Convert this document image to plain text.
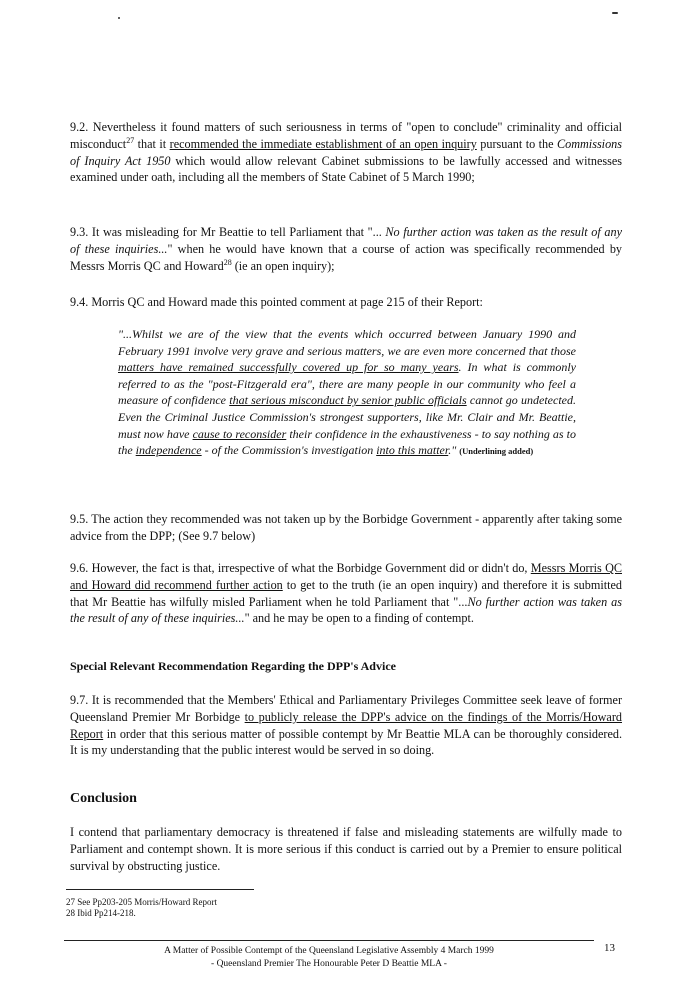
9.2. Nevertheless it found matters of such seriousness in terms of "open to conclude" criminality and official misconduct$^{27}$ that it recommended the immediate establishment of an open inquiry pursuant to the Commissions of Inquiry Act 1950 which would allow relevant Cabinet submissions to be lawfully accessed and witnesses examined under oath, including all the members of State Cabinet of 5 March 1990;

9.3. It was misleading for Mr Beattie to tell Parliament that "... No further action was taken as the result of any of these inquiries..." when he would have known that a course of action was specifically recommended by Messrs Morris QC and Howard$^{28}$ (ie an open inquiry);

9.4. Morris QC and Howard made this pointed comment at page 215 of their Report:

"...Whilst we are of the view that the events which occurred between January 1990 and February 1991 involve very grave and serious matters, we are even more concerned that those matters have remained successfully covered up for so many years. In what is commonly referred to as the "post-Fitzgerald era", there are many people in our community who feel a measure of confidence that serious misconduct by senior public officials cannot go undetected. Even the Criminal Justice Commission's strongest supporters, like Mr. Clair and Mr. Beattie, must now have cause to reconsider their confidence in the exhaustiveness - to say nothing as to the independence - of the Commission's investigation into this matter." (Underlining added)

9.5. The action they recommended was not taken up by the Borbidge Government - apparently after taking some advice from the DPP; (See 9.7 below)

9.6. However, the fact is that, irrespective of what the Borbidge Government did or didn't do, Messrs Morris QC and Howard did recommend further action to get to the truth (ie an open inquiry) and therefore it is submitted that Mr Beattie has wilfully misled Parliament when he told Parliament that "...No further action was taken as the result of any of these inquiries..." and he may be open to a finding of contempt.

Special Relevant Recommendation Regarding the DPP's Advice

9.7. It is recommended that the Members' Ethical and Parliamentary Privileges Committee seek leave of former Queensland Premier Mr Borbidge to publicly release the DPP's advice on the findings of the Morris/Howard Report in order that this serious matter of possible contempt by Mr Beattie MLA can be thoroughly considered. It is my understanding that the public interest would be served in so doing.

Conclusion

I contend that parliamentary democracy is threatened if false and misleading statements are wilfully made to Parliament and contempt shown. It is more serious if this conduct is carried out by a Premier to ensure political survival by obstructing justice.

27 See Pp203-205 Morris/Howard Report
28 Ibid Pp214-218.
A Matter of Possible Contempt of the Queensland Legislative Assembly 4 March 1999
- Queensland Premier The Honourable Peter D Beattie MLA -
13
